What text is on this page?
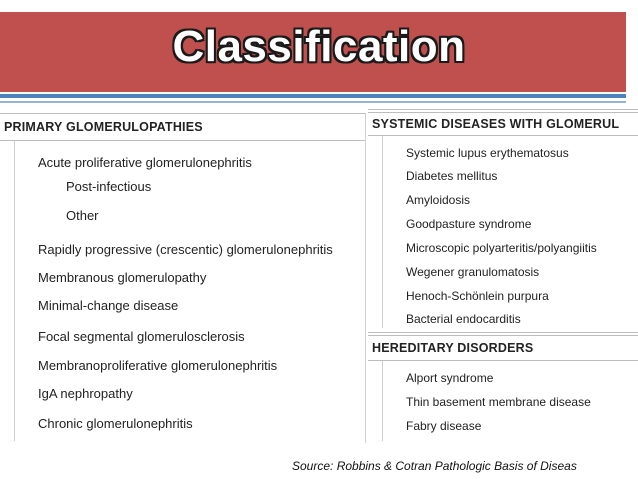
Classification
PRIMARY GLOMERULOPATHIES
Acute proliferative glomerulonephritis
Post-infectious
Other
Rapidly progressive (crescentic) glomerulonephritis
Membranous glomerulopathy
Minimal-change disease
Focal segmental glomerulosclerosis
Membranoproliferative glomerulonephritis
IgA nephropathy
Chronic glomerulonephritis
SYSTEMIC DISEASES WITH GLOMERUL
Systemic lupus erythematosus
Diabetes mellitus
Amyloidosis
Goodpasture syndrome
Microscopic polyarteritis/polyangiitis
Wegener granulomatosis
Henoch-Schönlein purpura
Bacterial endocarditis
HEREDITARY DISORDERS
Alport syndrome
Thin basement membrane disease
Fabry disease
Source: Robbins & Cotran Pathologic Basis of Diseas
